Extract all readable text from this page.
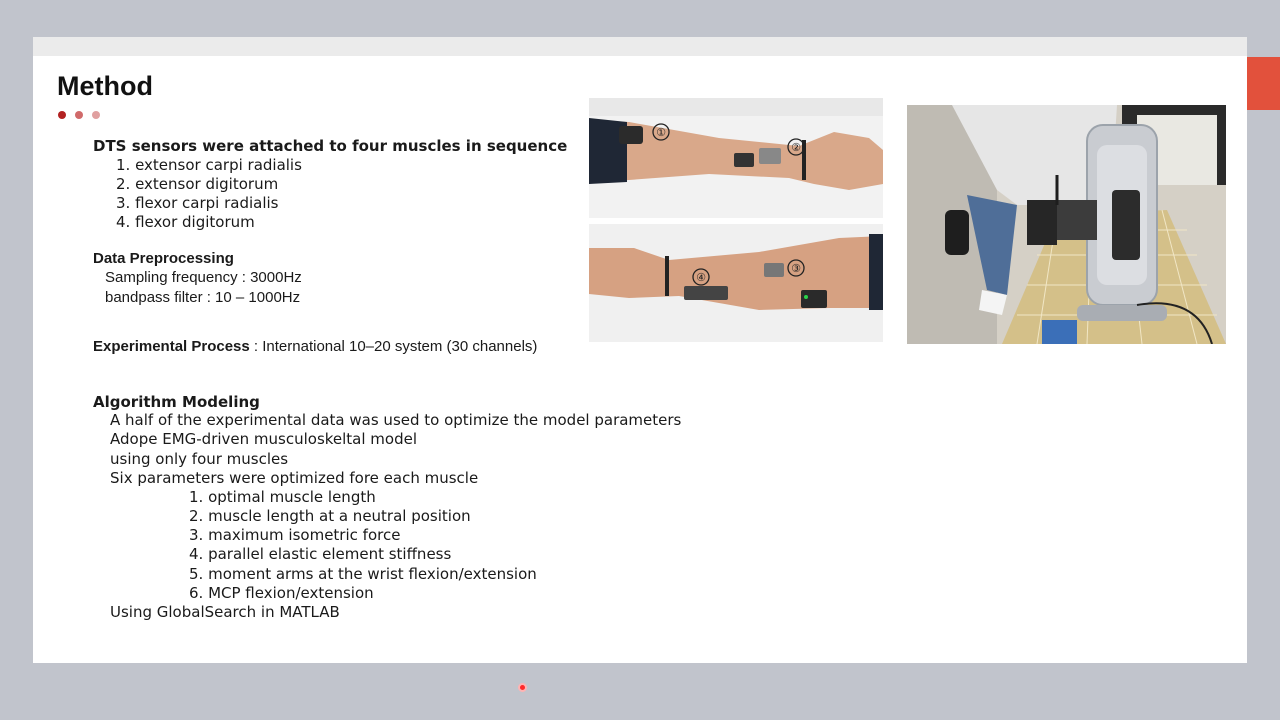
Method
DTS sensors were attached to four muscles in sequence
1. extensor carpi radialis
2. extensor digitorum
3. flexor carpi radialis
4. flexor digitorum
Data Preprocessing
Sampling frequency : 3000Hz
bandpass filter : 10 – 1000Hz
Experimental Process : International 10–20 system (30 channels)
Algorithm Modeling
A half of the experimental data was used to optimize the model parameters
Adope EMG-driven musculoskeltal model
using only four muscles
Six parameters were optimized fore each muscle
1. optimal muscle length
2. muscle length at a neutral position
3. maximum isometric force
4. parallel elastic element stiffness
5. moment arms at the wrist flexion/extension
6. MCP flexion/extension
Using GlobalSearch in MATLAB
①
②
③
④
